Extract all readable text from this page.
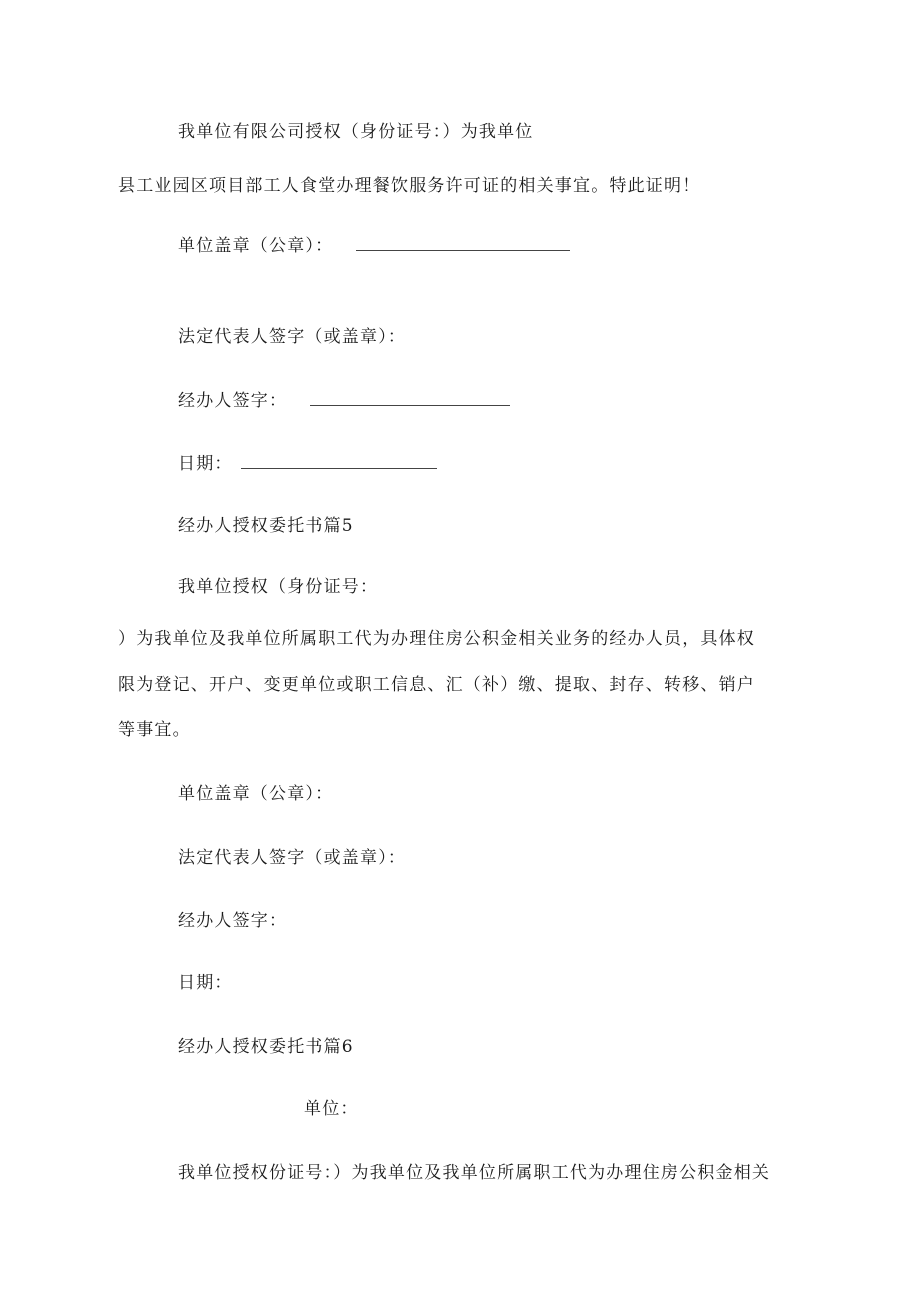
我单位有限公司授权（身份证号：）为我单位
县工业园区项目部工人食堂办理餐饮服务许可证的相关事宜。特此证明！
单位盖章（公章）：
法定代表人签字（或盖章）：
经办人签字：
日期：
经办人授权委托书篇5
我单位授权（身份证号：
）为我单位及我单位所属职工代为办理住房公积金相关业务的经办人员，具体权
限为登记、开户、变更单位或职工信息、汇（补）缴、提取、封存、转移、销户
等事宜。
单位盖章（公章）：
法定代表人签字（或盖章）：
经办人签字：
日期：
经办人授权委托书篇6
单位：
我单位授权份证号：）为我单位及我单位所属职工代为办理住房公积金相关
